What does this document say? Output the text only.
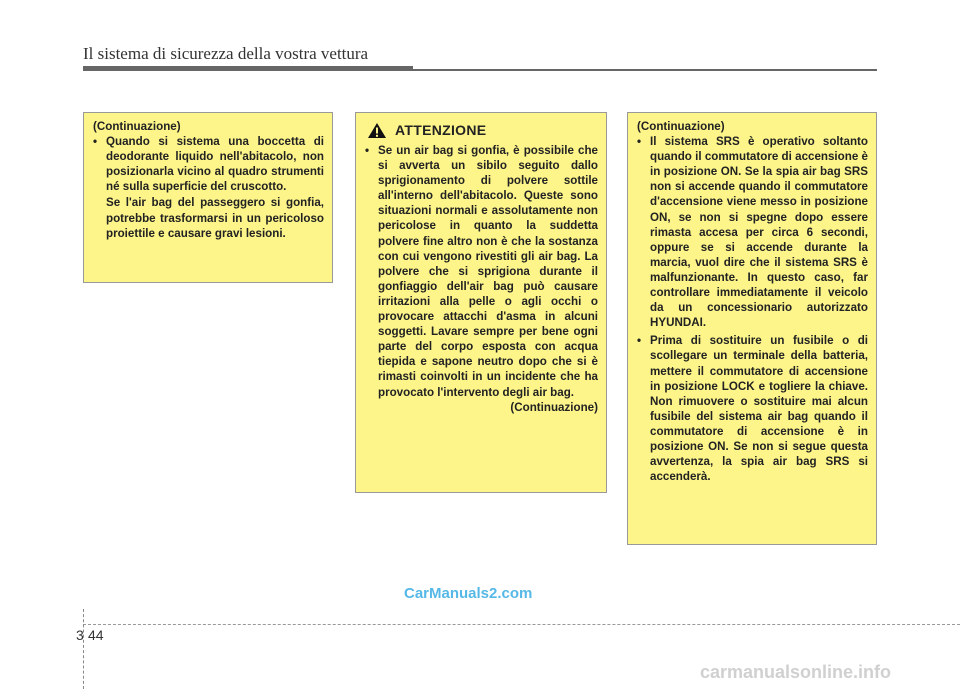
Il sistema di sicurezza della vostra vettura

(Continuazione)

• Quando si sistema una boccetta di deodorante liquido nell'abitacolo, non posizionarla vicino al quadro strumenti né sulla superficie del cruscotto.

Se l'air bag del passeggero si gonfia, potrebbe trasformarsi in un pericoloso proiettile e causare gravi lesioni.

ATTENZIONE

• Se un air bag si gonfia, è possibile che si avverta un sibilo seguito dallo sprigionamento di polvere sottile all'interno dell'abitacolo. Queste sono situazioni normali e assolutamente non pericolose in quanto la suddetta polvere fine altro non è che la sostanza con cui vengono rivestiti gli air bag. La polvere che si sprigiona durante il gonfiaggio dell'air bag può causare irritazioni alla pelle o agli occhi o provocare attacchi d'asma in alcuni soggetti. Lavare sempre per bene ogni parte del corpo esposta con acqua tiepida e sapone neutro dopo che si è rimasti coinvolti in un incidente che ha provocato l'intervento degli air bag.

(Continuazione)

(Continuazione)

• Il sistema SRS è operativo soltanto quando il commutatore di accensione è in posizione ON. Se la spia air bag SRS non si accende quando il commutatore d'accensione viene messo in posizione ON, se non si spegne dopo essere rimasta accesa per circa 6 secondi, oppure se si accende durante la marcia, vuol dire che il sistema SRS è malfunzionante. In questo caso, far controllare immediatamente il veicolo da un concessionario autorizzato HYUNDAI.

• Prima di sostituire un fusibile o di scollegare un terminale della batteria, mettere il commutatore di accensione in posizione LOCK e togliere la chiave. Non rimuovere o sostituire mai alcun fusibile del sistema air bag quando il commutatore di accensione è in posizione ON. Se non si segue questa avvertenza, la spia air bag SRS si accenderà.

CarManuals2.com
3 44
carmanualsonline.info
